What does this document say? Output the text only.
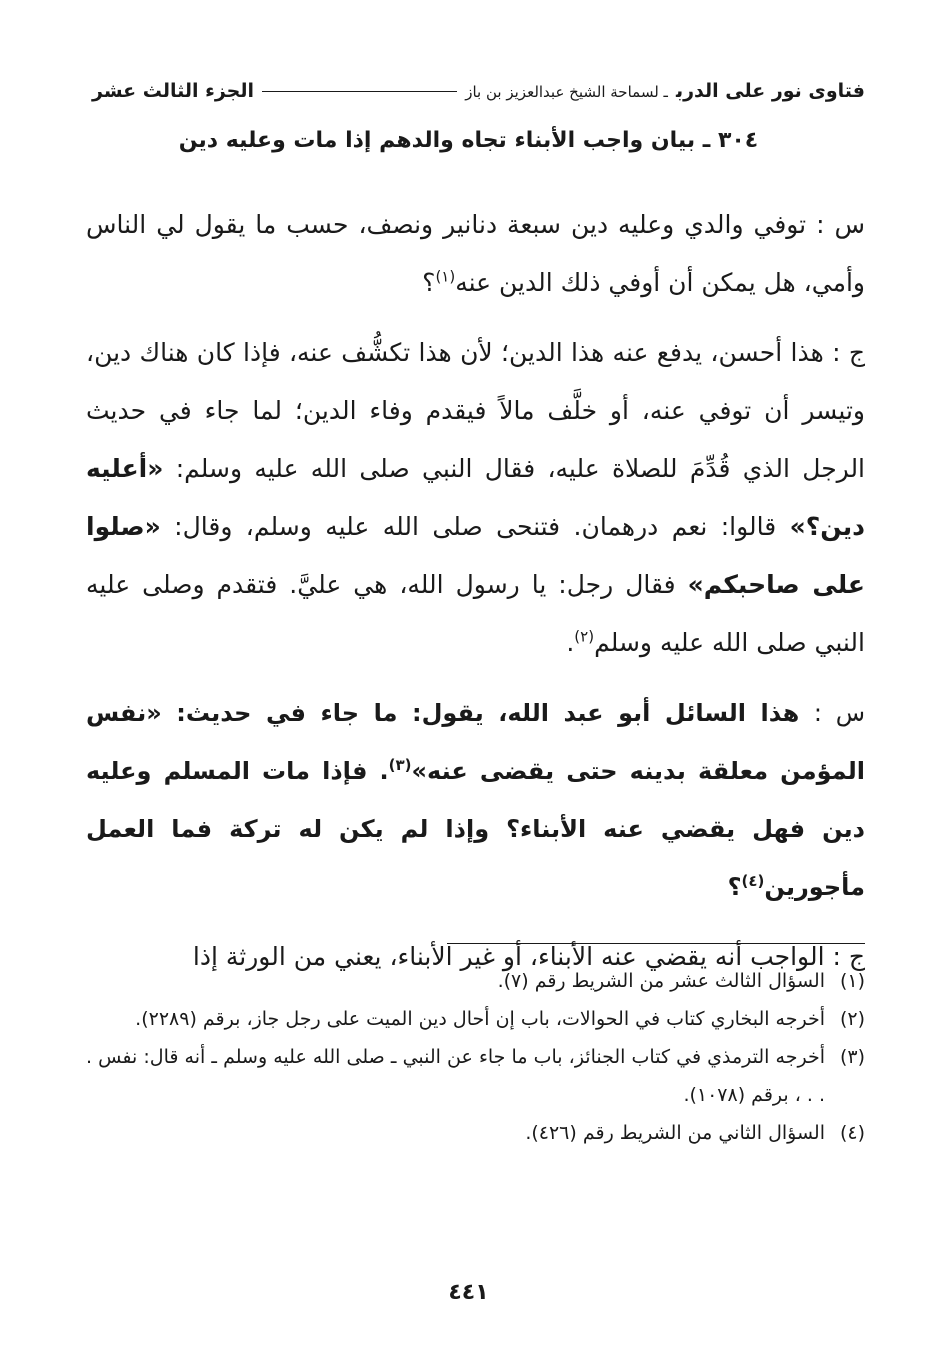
فتاوى نور على الدربـ لسماحة الشيخ عبدالعزيز بن باز
الجزء الثالث عشر
٣٠٤ ـ بيان واجب الأبناء تجاه والدهم إذا مات وعليه دين

س : توفي والدي وعليه دين سبعة دنانير ونصف، حسب ما يقول لي الناس وأمي، هل يمكن أن أوفي ذلك الدين عنه$^{(١)}$؟

ج : هذا أحسن، يدفع عنه هذا الدين؛ لأن هذا تكشُّف عنه، فإذا كان هناك دين، وتيسر أن توفي عنه، أو خلَّف مالاً فيقدم وفاء الدين؛ لما جاء في حديث الرجل الذي قُدِّمَ للصلاة عليه، فقال النبي صلى الله عليه وسلم: «أعليه دين؟» قالوا: نعم درهمان. فتنحى صلى الله عليه وسلم، وقال: «صلوا على صاحبكم» فقال رجل: يا رسول الله، هي عليَّ. فتقدم وصلى عليه النبي صلى الله عليه وسلم$^{(٢)}$.

س : هذا السائل أبو عبد الله، يقول: ما جاء في حديث: «نفس المؤمن معلقة بدينه حتى يقضى عنه»$^{(٣)}$. فإذا مات المسلم وعليه دين فهل يقضي عنه الأبناء؟ وإذا لم يكن له تركة فما العمل مأجورين$^{(٤)}$؟

ج : الواجب أنه يقضي عنه الأبناء، أو غير الأبناء، يعني من الورثة إذا

(١)
السؤال الثالث عشر من الشريط رقم (٧).
(٢)
أخرجه البخاري كتاب في الحوالات، باب إن أحال دين الميت على رجل جاز، برقم (٢٢٨٩).
(٣)
أخرجه الترمذي في كتاب الجنائز، باب ما جاء عن النبي ـ صلى الله عليه وسلم ـ أنه قال: نفس . . . ، برقم (١٠٧٨).
(٤)
السؤال الثاني من الشريط رقم (٤٢٦).
٤٤١
